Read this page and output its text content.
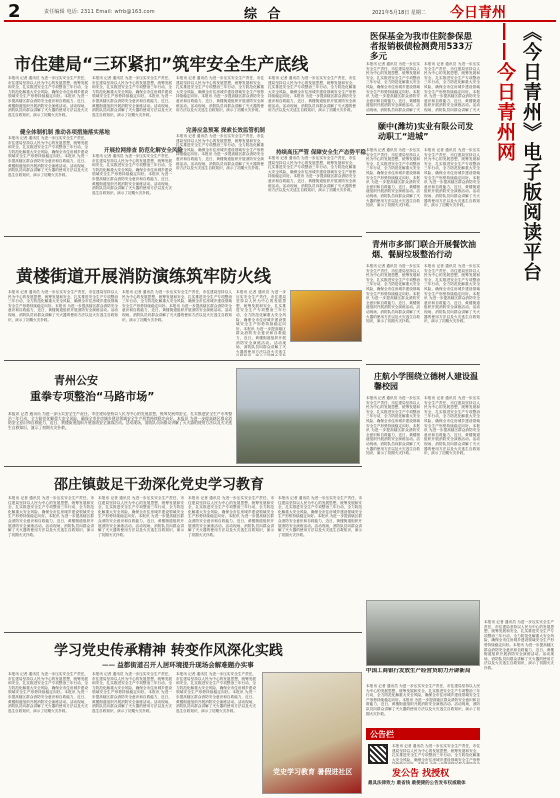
2	责任编辑 电话: 2311 Email: wfrb@163.com	综 合	2021年5月18日 星期二 今日青州
《今日青州》电子版阅读平台
——今日青州网
本报讯 记者 通讯员 为进一步压实安全生产责任，市住建局坚持以人民为中心的发展思想，统筹发展和安全，扎实推进安全生产专项整治三年行动，全力防范化解重大安全风险，确保全市住房城乡建设领域安全生产形势持续稳定向好。本报讯 为进一步提高辖区群众消防安全意识和自救能力，近日，黄楼街道组织开展消防安全演练活动。活动现场，消防队员向群众讲解了灭火器的使用方法以及火灾逃生自救知识，演示了初期火灾扑救。
市住建局“三环紧扣”筑牢安全生产底线
本报讯 记者 通讯员 为进一步压实安全生产责任，市住建局坚持以人民为中心的发展思想，统筹发展和安全，扎实推进安全生产专项整治三年行动，全力防范化解重大安全风险，确保全市住房城乡建设领域安全生产形势持续稳定向好。本报讯 为进一步提高辖区群众消防安全意识和自救能力，近日，黄楼街道组织开展消防安全演练活动。活动现场，消防队员向群众讲解了灭火器的使用方法以及火灾逃生自救知识，演示了初期火灾扑救。
健全体制机制 推动各项措施落实落地
本报讯 记者 通讯员 为进一步压实安全生产责任，市住建局坚持以人民为中心的发展思想，统筹发展和安全，扎实推进安全生产专项整治三年行动，全力防范化解重大安全风险，确保全市住房城乡建设领域安全生产形势持续稳定向好。本报讯 为进一步提高辖区群众消防安全意识和自救能力，近日，黄楼街道组织开展消防安全演练活动。活动现场，消防队员向群众讲解了灭火器的使用方法以及火灾逃生自救知识，演示了初期火灾扑救。
本报讯 记者 通讯员 为进一步压实安全生产责任，市住建局坚持以人民为中心的发展思想，统筹发展和安全，扎实推进安全生产专项整治三年行动，全力防范化解重大安全风险，确保全市住房城乡建设领域安全生产形势持续稳定向好。本报讯 为进一步提高辖区群众消防安全意识和自救能力，近日，黄楼街道组织开展消防安全演练活动。活动现场，消防队员向群众讲解了灭火器的使用方法以及火灾逃生自救知识，演示了初期火灾扑救。
开展拉网排查 防范化解安全风险
本报讯 记者 通讯员 为进一步压实安全生产责任，市住建局坚持以人民为中心的发展思想，统筹发展和安全，扎实推进安全生产专项整治三年行动，全力防范化解重大安全风险，确保全市住房城乡建设领域安全生产形势持续稳定向好。本报讯 为进一步提高辖区群众消防安全意识和自救能力，近日，黄楼街道组织开展消防安全演练活动。活动现场，消防队员向群众讲解了灭火器的使用方法以及火灾逃生自救知识，演示了初期火灾扑救。
本报讯 记者 通讯员 为进一步压实安全生产责任，市住建局坚持以人民为中心的发展思想，统筹发展和安全，扎实推进安全生产专项整治三年行动，全力防范化解重大安全风险，确保全市住房城乡建设领域安全生产形势持续稳定向好。本报讯 为进一步提高辖区群众消防安全意识和自救能力，近日，黄楼街道组织开展消防安全演练活动。活动现场，消防队员向群众讲解了灭火器的使用方法以及火灾逃生自救知识，演示了初期火灾扑救。
完善应急预案 探索长效监管机制
本报讯 记者 通讯员 为进一步压实安全生产责任，市住建局坚持以人民为中心的发展思想，统筹发展和安全，扎实推进安全生产专项整治三年行动，全力防范化解重大安全风险，确保全市住房城乡建设领域安全生产形势持续稳定向好。本报讯 为进一步提高辖区群众消防安全意识和自救能力，近日，黄楼街道组织开展消防安全演练活动。活动现场，消防队员向群众讲解了灭火器的使用方法以及火灾逃生自救知识，演示了初期火灾扑救。
本报讯 记者 通讯员 为进一步压实安全生产责任，市住建局坚持以人民为中心的发展思想，统筹发展和安全，扎实推进安全生产专项整治三年行动，全力防范化解重大安全风险，确保全市住房城乡建设领域安全生产形势持续稳定向好。本报讯 为进一步提高辖区群众消防安全意识和自救能力，近日，黄楼街道组织开展消防安全演练活动。活动现场，消防队员向群众讲解了灭火器的使用方法以及火灾逃生自救知识，演示了初期火灾扑救。
持续高压严管 保障安全生产态势平稳
本报讯 记者 通讯员 为进一步压实安全生产责任，市住建局坚持以人民为中心的发展思想，统筹发展和安全，扎实推进安全生产专项整治三年行动，全力防范化解重大安全风险，确保全市住房城乡建设领域安全生产形势持续稳定向好。本报讯 为进一步提高辖区群众消防安全意识和自救能力，近日，黄楼街道组织开展消防安全演练活动。活动现场，消防队员向群众讲解了灭火器的使用方法以及火灾逃生自救知识，演示了初期火灾扑救。
黄楼街道开展消防演练筑牢防火线
本报讯 记者 通讯员 为进一步压实安全生产责任，市住建局坚持以人民为中心的发展思想，统筹发展和安全，扎实推进安全生产专项整治三年行动，全力防范化解重大安全风险，确保全市住房城乡建设领域安全生产形势持续稳定向好。本报讯 为进一步提高辖区群众消防安全意识和自救能力，近日，黄楼街道组织开展消防安全演练活动。活动现场，消防队员向群众讲解了灭火器的使用方法以及火灾逃生自救知识，演示了初期火灾扑救。
本报讯 记者 通讯员 为进一步压实安全生产责任，市住建局坚持以人民为中心的发展思想，统筹发展和安全，扎实推进安全生产专项整治三年行动，全力防范化解重大安全风险，确保全市住房城乡建设领域安全生产形势持续稳定向好。本报讯 为进一步提高辖区群众消防安全意识和自救能力，近日，黄楼街道组织开展消防安全演练活动。活动现场，消防队员向群众讲解了灭火器的使用方法以及火灾逃生自救知识，演示了初期火灾扑救。
本报讯 记者 通讯员 为进一步压实安全生产责任，市住建局坚持以人民为中心的发展思想，统筹发展和安全，扎实推进安全生产专项整治三年行动，全力防范化解重大安全风险，确保全市住房城乡建设领域安全生产形势持续稳定向好。本报讯 为进一步提高辖区群众消防安全意识和自救能力，近日，黄楼街道组织开展消防安全演练活动。活动现场，消防队员向群众讲解了灭火器的使用方法以及火灾逃生
青州公安
重拳专项整治“马路市场”
本报讯 记者 通讯员 为进一步压实安全生产责任，市住建局坚持以人民为中心的发展思想，统筹发展和安全，扎实推进安全生产专项整治三年行动，全力防范化解重大安全风险，确保全市住房城乡建设领域安全生产形势持续稳定向好。本报讯 为进一步提高辖区群众消防安全意识和自救能力，近日，黄楼街道组织开展消防安全演练活动。活动现场，消防队员向群众讲解了灭火器的使用方法以及火灾逃生自救知识，演示了初期火灾扑救。
医保基金为我市住院参保患者报销极债检测费用533万多元
本报讯 记者 通讯员 为进一步压实安全生产责任，市住建局坚持以人民为中心的发展思想，统筹发展和安全，扎实推进安全生产专项整治三年行动，全力防范化解重大安全风险，确保全市住房城乡建设领域安全生产形势持续稳定向好。本报讯 为进一步提高辖区群众消防安全意识和自救能力，近日，黄楼街道组织开展消防安全演练活动。活动现场，消防队员向群众讲解了灭
本报讯 记者 通讯员 为进一步压实安全生产责任，市住建局坚持以人民为中心的发展思想，统筹发展和安全，扎实推进安全生产专项整治三年行动，全力防范化解重大安全风险，确保全市住房城乡建设领域安全生产形势持续稳定向好。本报讯 为进一步提高辖区群众消防安全意识和自救能力，近日，黄楼街道组织开展消防安全演练活动。活动现场，消防队员向群众讲解了灭火
颐中(潍坊)实业有限公司发动职工“进城”
本报讯 记者 通讯员 为进一步压实安全生产责任，市住建局坚持以人民为中心的发展思想，统筹发展和安全，扎实推进安全生产专项整治三年行动，全力防范化解重大安全风险，确保全市住房城乡建设领域安全生产形势持续稳定向好。本报讯 为进一步提高辖区群众消防安全意识和自救能力，近日，黄楼街道组织开展消防安全演练活动。活动现场，消防队员向群众讲解了灭火器的使用方法以及火灾逃生自救知识，演示了初期火灾扑救。
本报讯 记者 通讯员 为进一步压实安全生产责任，市住建局坚持以人民为中心的发展思想，统筹发展和安全，扎实推进安全生产专项整治三年行动，全力防范化解重大安全风险，确保全市住房城乡建设领域安全生产形势持续稳定向好。本报讯 为进一步提高辖区群众消防安全意识和自救能力，近日，黄楼街道组织开展消防安全演练活动。活动现场，消防队员向群众讲解了灭火器的使用方法以及火灾逃生自救知识，演示了初期火灾扑救。
青州市多部门联合开展餐饮油烟、餐厨垃圾整治行动
本报讯 记者 通讯员 为进一步压实安全生产责任，市住建局坚持以人民为中心的发展思想，统筹发展和安全，扎实推进安全生产专项整治三年行动，全力防范化解重大安全风险，确保全市住房城乡建设领域安全生产形势持续稳定向好。本报讯 为进一步提高辖区群众消防安全意识和自救能力，近日，黄楼街道组织开展消防安全演练活动。活动现场，消防队员向群众讲解了灭火器的使用方法以及火灾逃生自救知识，演示了初期火灾扑救。
本报讯 记者 通讯员 为进一步压实安全生产责任，市住建局坚持以人民为中心的发展思想，统筹发展和安全，扎实推进安全生产专项整治三年行动，全力防范化解重大安全风险，确保全市住房城乡建设领域安全生产形势持续稳定向好。本报讯 为进一步提高辖区群众消防安全意识和自救能力，近日，黄楼街道组织开展消防安全演练活动。活动现场，消防队员向群众讲解了灭火器的使用方法以及火灾逃生自救知识，演示了初期火灾扑救。
庄航小学围绕立德树人建设温馨校园
本报讯 记者 通讯员 为进一步压实安全生产责任，市住建局坚持以人民为中心的发展思想，统筹发展和安全，扎实推进安全生产专项整治三年行动，全力防范化解重大安全风险，确保全市住房城乡建设领域安全生产形势持续稳定向好。本报讯 为进一步提高辖区群众消防安全意识和自救能力，近日，黄楼街道组织开展消防安全演练活动。活动现场，消防队员向群众讲解了灭火器的使用方法以及火灾逃生自救知识，演示了初期火灾扑救。
本报讯 记者 通讯员 为进一步压实安全生产责任，市住建局坚持以人民为中心的发展思想，统筹发展和安全，扎实推进安全生产专项整治三年行动，全力防范化解重大安全风险，确保全市住房城乡建设领域安全生产形势持续稳定向好。本报讯 为进一步提高辖区群众消防安全意识和自救能力，近日，黄楼街道组织开展消防安全演练活动。活动现场，消防队员向群众讲解了灭火器的使用方法以及火灾逃生自救知识，演示了初期火灾扑救。
中国工商银行发放生产经营贷助力开辟新局
本报讯 记者 通讯员 为进一步压实安全生产责任，市住建局坚持以人民为中心的发展思想，统筹发展和安全，扎实推进安全生产专项整治三年行动，全力防范化解重大安全风险，确保全市住房城乡建设领域安全生产形势持续稳定向好。本报讯 为进一步提高辖区群众消防安全意识和自救能力，近日，黄楼街道组织开展消防安全演练活动。活动现场，消防队员向群众讲解了灭火器的使用方法以及火灾逃生自救知识，演示了初期火灾扑救。
邵庄镇鼓足干劲深化党史学习教育
本报讯 记者 通讯员 为进一步压实安全生产责任，市住建局坚持以人民为中心的发展思想，统筹发展和安全，扎实推进安全生产专项整治三年行动，全力防范化解重大安全风险，确保全市住房城乡建设领域安全生产形势持续稳定向好。本报讯 为进一步提高辖区群众消防安全意识和自救能力，近日，黄楼街道组织开展消防安全演练活动。活动现场，消防队员向群众讲解了灭火器的使用方法以及火灾逃生自救知识，演示了初期火灾扑救。
本报讯 记者 通讯员 为进一步压实安全生产责任，市住建局坚持以人民为中心的发展思想，统筹发展和安全，扎实推进安全生产专项整治三年行动，全力防范化解重大安全风险，确保全市住房城乡建设领域安全生产形势持续稳定向好。本报讯 为进一步提高辖区群众消防安全意识和自救能力，近日，黄楼街道组织开展消防安全演练活动。活动现场，消防队员向群众讲解了灭火器的使用方法以及火灾逃生自救知识，演示了初期火灾扑救。
本报讯 记者 通讯员 为进一步压实安全生产责任，市住建局坚持以人民为中心的发展思想，统筹发展和安全，扎实推进安全生产专项整治三年行动，全力防范化解重大安全风险，确保全市住房城乡建设领域安全生产形势持续稳定向好。本报讯 为进一步提高辖区群众消防安全意识和自救能力，近日，黄楼街道组织开展消防安全演练活动。活动现场，消防队员向群众讲解了灭火器的使用方法以及火灾逃生自救知识，演示了初期火灾扑救。
本报讯 记者 通讯员 为进一步压实安全生产责任，市住建局坚持以人民为中心的发展思想，统筹发展和安全，扎实推进安全生产专项整治三年行动，全力防范化解重大安全风险，确保全市住房城乡建设领域安全生产形势持续稳定向好。本报讯 为进一步提高辖区群众消防安全意识和自救能力，近日，黄楼街道组织开展消防安全演练活动。活动现场，消防队员向群众讲解了灭火器的使用方法以及火灾逃生自救知识，演示了初期火灾扑救。
学习党史传承精神 转变作风深化实践
—— 益都街道召开人居环境提升现场会解难题办实事
本报讯 记者 通讯员 为进一步压实安全生产责任，市住建局坚持以人民为中心的发展思想，统筹发展和安全，扎实推进安全生产专项整治三年行动，全力防范化解重大安全风险，确保全市住房城乡建设领域安全生产形势持续稳定向好。本报讯 为进一步提高辖区群众消防安全意识和自救能力，近日，黄楼街道组织开展消防安全演练活动。活动现场，消防队员向群众讲解了灭火器的使用方法以及火灾逃生自救知识，演示了初期火灾扑救。
本报讯 记者 通讯员 为进一步压实安全生产责任，市住建局坚持以人民为中心的发展思想，统筹发展和安全，扎实推进安全生产专项整治三年行动，全力防范化解重大安全风险，确保全市住房城乡建设领域安全生产形势持续稳定向好。本报讯 为进一步提高辖区群众消防安全意识和自救能力，近日，黄楼街道组织开展消防安全演练活动。活动现场，消防队员向群众讲解了灭火器的使用方法以及火灾逃生自救知识，演示了初期火灾扑救。
本报讯 记者 通讯员 为进一步压实安全生产责任，市住建局坚持以人民为中心的发展思想，统筹发展和安全，扎实推进安全生产专项整治三年行动，全力防范化解重大安全风险，确保全市住房城乡建设领域安全生产形势持续稳定向好。本报讯 为进一步提高辖区群众消防安全意识和自救能力，近日，黄楼街道组织开展消防安全演练活动。活动现场，消防队员向群众讲解了灭火器的使用方法以及火灾逃生自救知识，演示了初期火灾扑救。
党史学习教育 暑假进社区
公告栏
本报讯 记者 通讯员 为进一步压实安全生产责任，市住建局坚持以人民为中心的发展思想，统筹发展和安全，扎实推进安全生产专项整治三年行动，全力防范化解重大安全风险，确保全市住房城乡建设领域安全生产形势
发公告 找授权
最具法律效力 最省钱 最便捷的公告发布权威载体
